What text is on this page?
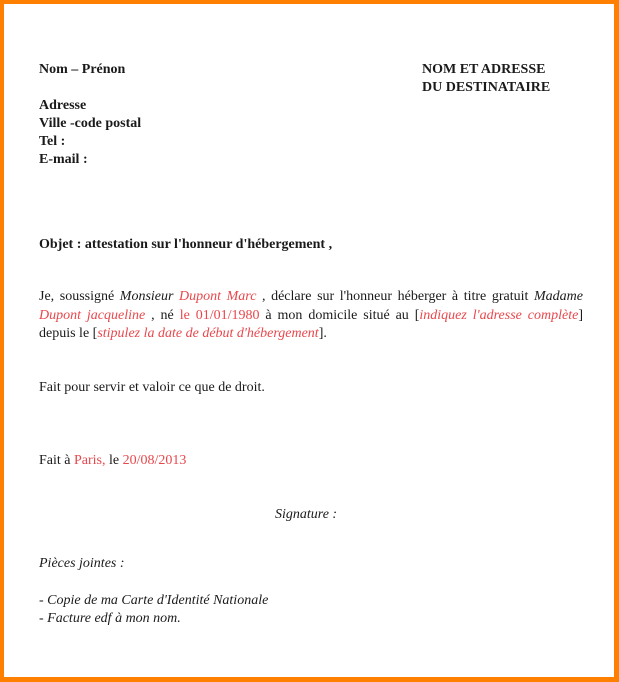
Nom – Prénon
Adresse
Ville -code postal
Tel :
E-mail :
NOM ET ADRESSE
DU DESTINATAIRE
Objet : attestation sur l'honneur d'hébergement ,
Je, soussigné Monsieur Dupont Marc , déclare sur l'honneur héberger à titre gratuit Madame Dupont jacqueline , né le 01/01/1980 à mon domicile situé au [indiquez l'adresse complète] depuis le [stipulez la date de début d'hébergement].
Fait pour servir et valoir ce que de droit.
Fait à Paris, le 20/08/2013
Signature :
Pièces jointes :
- Copie de ma Carte d'Identité Nationale
- Facture edf à mon nom.
